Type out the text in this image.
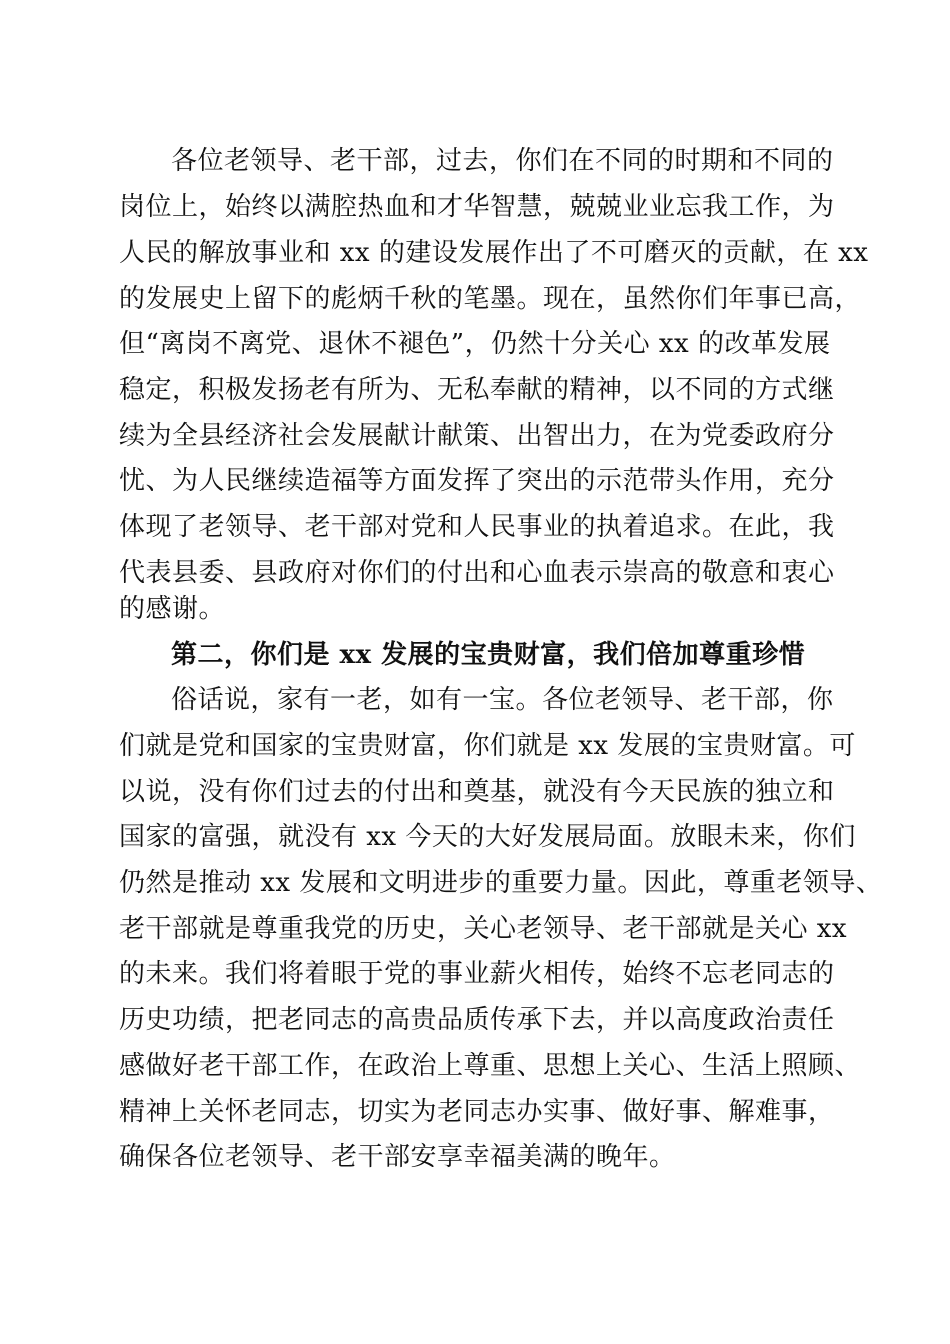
各位老领导、老干部，过去，你们在不同的时期和不同的
岗位上，始终以满腔热血和才华智慧，兢兢业业忘我工作，为
人民的解放事业和 xx 的建设发展作出了不可磨灭的贡献，在 xx
的发展史上留下的彪炳千秋的笔墨。现在，虽然你们年事已高，
但“离岗不离党、退休不褪色”，仍然十分关心 xx 的改革发展
稳定，积极发扬老有所为、无私奉献的精神，以不同的方式继
续为全县经济社会发展献计献策、出智出力，在为党委政府分
忧、为人民继续造福等方面发挥了突出的示范带头作用，充分
体现了老领导、老干部对党和人民事业的执着追求。在此，我
代表县委、县政府对你们的付出和心血表示崇高的敬意和衷心
的感谢。
第二，你们是 xx 发展的宝贵财富，我们倍加尊重珍惜
俗话说，家有一老，如有一宝。各位老领导、老干部，你
们就是党和国家的宝贵财富，你们就是 xx 发展的宝贵财富。可
以说，没有你们过去的付出和奠基，就没有今天民族的独立和
国家的富强，就没有 xx 今天的大好发展局面。放眼未来，你们
仍然是推动 xx 发展和文明进步的重要力量。因此，尊重老领导、
老干部就是尊重我党的历史，关心老领导、老干部就是关心 xx
的未来。我们将着眼于党的事业薪火相传，始终不忘老同志的
历史功绩，把老同志的高贵品质传承下去，并以高度政治责任
感做好老干部工作，在政治上尊重、思想上关心、生活上照顾、
精神上关怀老同志，切实为老同志办实事、做好事、解难事，
确保各位老领导、老干部安享幸福美满的晚年。
